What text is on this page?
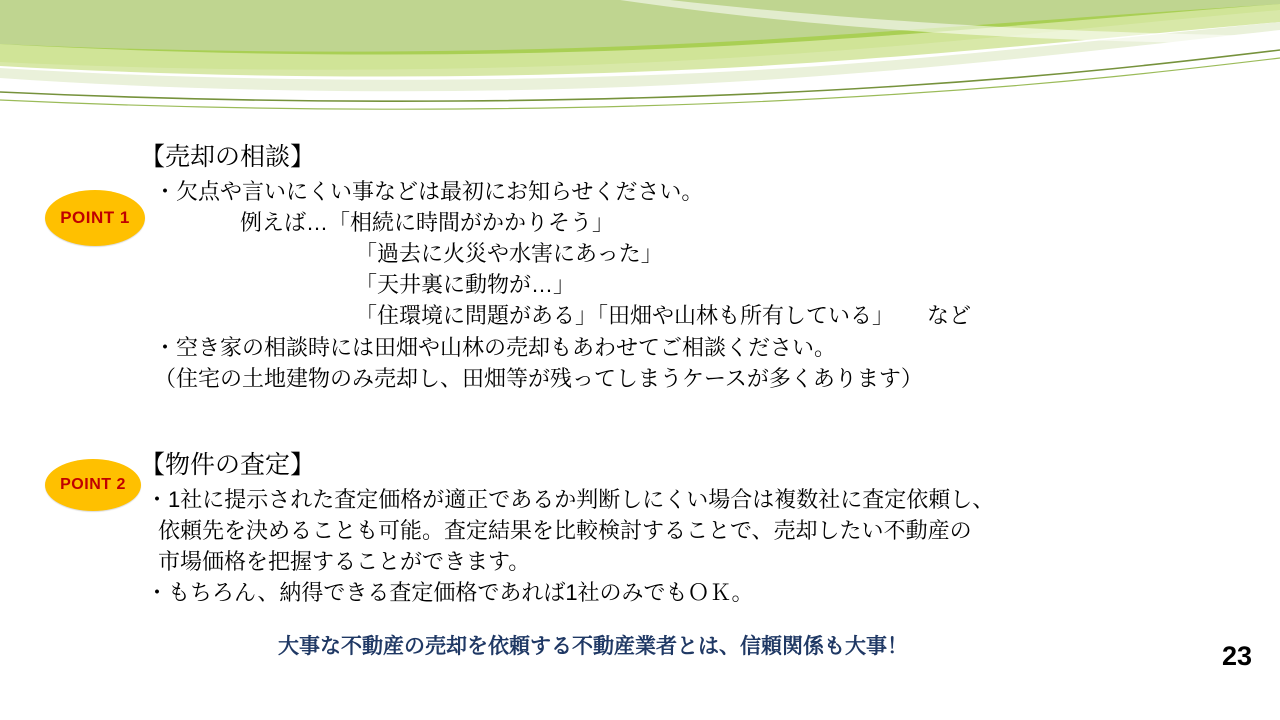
POINT 1
【売却の相談】
・欠点や言いにくい事などは最初にお知らせください。
例えば…「相続に時間がかかりそう」
「過去に火災や水害にあった」
「天井裏に動物が…」
「住環境に問題がある」「田畑や山林も所有している」　　など
・空き家の相談時には田畑や山林の売却もあわせてご相談ください。
（住宅の土地建物のみ売却し、田畑等が残ってしまうケースが多くあります）
POINT 2
【物件の査定】
・1社に提示された査定価格が適正であるか判断しにくい場合は複数社に査定依頼し、
依頼先を決めることも可能。査定結果を比較検討することで、売却したい不動産の
市場価格を把握することができます。
・もちろん、納得できる査定価格であれば1社のみでもＯＫ。
大事な不動産の売却を依頼する不動産業者とは、信頼関係も大事！	23
